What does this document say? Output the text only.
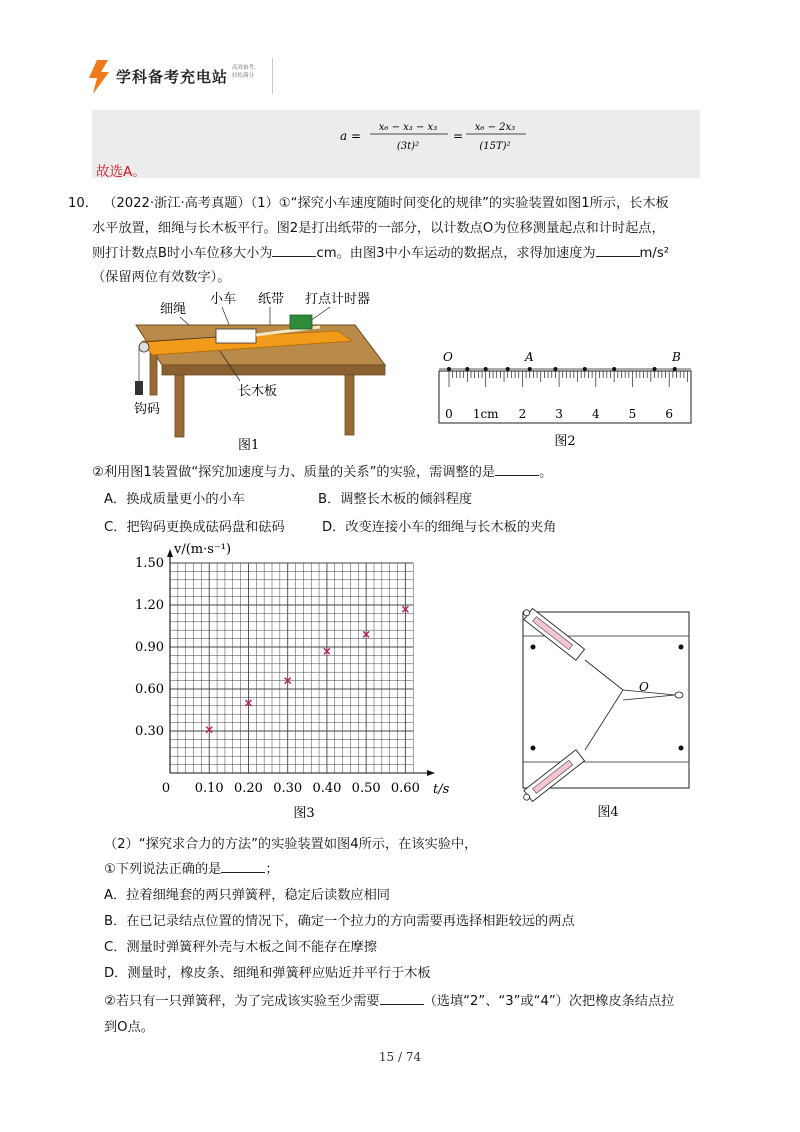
学科备考充电站 高效备考、
轻松满分
a =
x₆ − x₃ − x₃
(3t)²
=
x₆ − 2x₃
(15T)²
故选A。
10. （2022·浙江·高考真题）（1）①“探究小车速度随时间变化的规律”的实验装置如图1所示，长木板
水平放置，细绳与长木板平行。图2是打出纸带的一部分，以计数点O为位移测量起点和计时起点，
则打计数点B时小车位移大小为	cm。由图3中小车运动的数据点，求得加速度为	m/s²
（保留两位有效数字）。
细绳
小车 纸带 打点计时器
长木板
钩码
图1
O	A	B
0 1cm 2 3 4 5 6
图2
②利用图1装置做“探究加速度与力、质量的关系”的实验，需调整的是	。
A．换成质量更小的小车	B．调整长木板的倾斜程度
C．把钩码更换成砝码盘和砝码	D．改变连接小车的细绳与长木板的夹角
0 0.10 0.20 0.30 0.40 0.50 0.60
0.30
0.60
0.90
1.20
1.50
v/(m·s⁻¹)
t/s
图3
O
图4
（2）“探究求合力的方法”的实验装置如图4所示，在该实验中，
①下列说法正确的是	；
A．拉着细绳套的两只弹簧秤，稳定后读数应相同
B．在已记录结点位置的情况下，确定一个拉力的方向需要再选择相距较远的两点
C．测量时弹簧秤外壳与木板之间不能存在摩擦
D．测量时，橡皮条、细绳和弹簧秤应贴近并平行于木板
②若只有一只弹簧秤，为了完成该实验至少需要	（选填“2”、“3”或“4”）次把橡皮条结点拉
到O点。
15 / 74
